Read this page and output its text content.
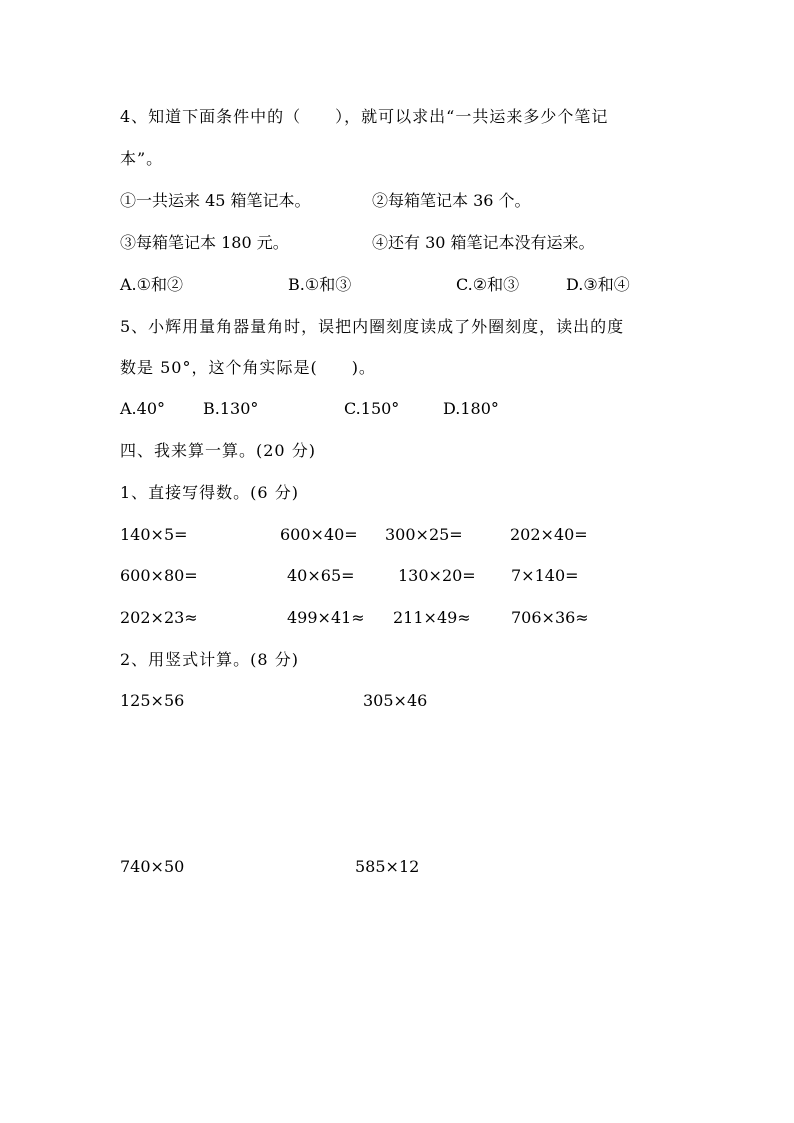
4、知道下面条件中的（　　），就可以求出“一共运来多少个笔记
本”。
①一共运来 45 箱笔记本。	②每箱笔记本 36 个。
③每箱笔记本 180 元。	④还有 30 箱笔记本没有运来。
A.①和②	B.①和③	C.②和③	D.③和④
5、小辉用量角器量角时，误把内圈刻度读成了外圈刻度，读出的度
数是 50°，这个角实际是(　　)。
A.40° B.130°	C.150°	D.180°
四、我来算一算。(20 分)
1、直接写得数。(6 分)
140×5=	600×40= 300×25=	202×40=
600×80=	40×65=	130×20= 7×140=
202×23≈	499×41≈ 211×49≈	706×36≈
2、用竖式计算。(8 分)
125×56	305×46
740×50	585×12
